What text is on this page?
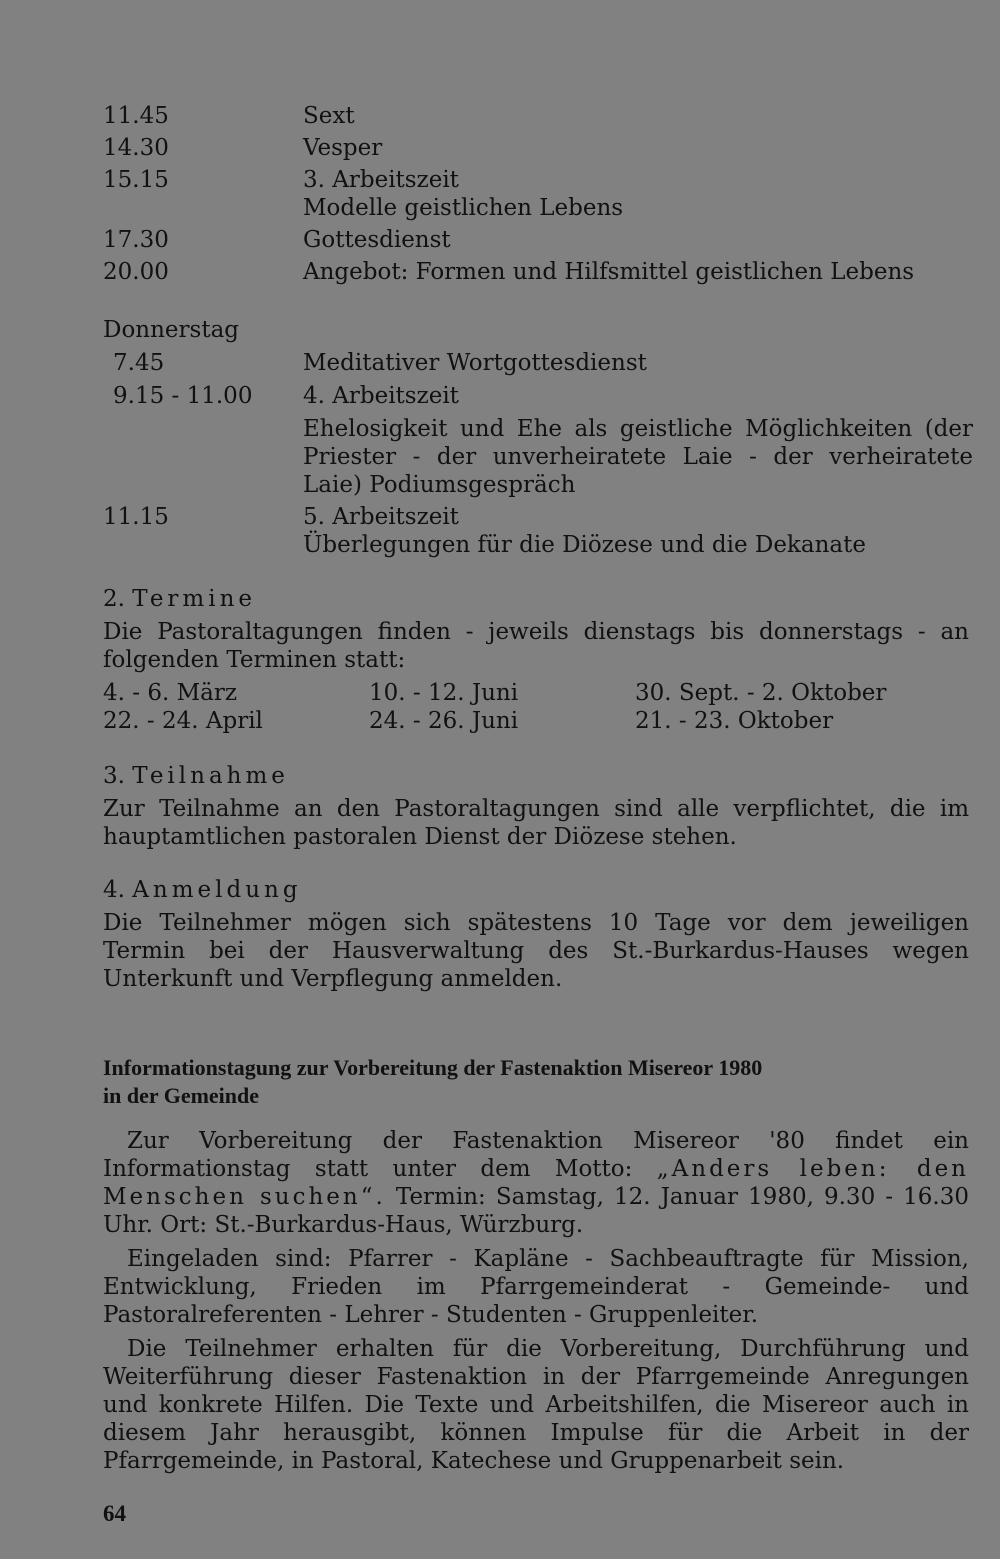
11.45	Sext
14.30	Vesper
15.15	3. Arbeitszeit
Modelle geistlichen Lebens
17.30	Gottesdienst
20.00	Angebot: Formen und Hilfsmittel geistlichen Lebens
Donnerstag
7.45	Meditativer Wortgottesdienst
9.15 - 11.00	4. Arbeitszeit
Ehelosigkeit und Ehe als geistliche Möglichkeiten (der Priester - der unverheiratete Laie - der verheiratete Laie) Podiumsgespräch
11.15	5. Arbeitszeit
Überlegungen für die Diözese und die Dekanate
2. Termine
Die Pastoraltagungen finden - jeweils dienstags bis donnerstags - an folgenden Terminen statt:
4. - 6. März	10. - 12. Juni	30. Sept. - 2. Oktober
22. - 24. April	24. - 26. Juni	21. - 23. Oktober
3. Teilnahme
Zur Teilnahme an den Pastoraltagungen sind alle verpflichtet, die im hauptamtlichen pastoralen Dienst der Diözese stehen.
4. Anmeldung
Die Teilnehmer mögen sich spätestens 10 Tage vor dem jeweiligen Termin bei der Hausverwaltung des St.-Burkardus-Hauses wegen Unterkunft und Verpflegung anmelden.
Informationstagung zur Vorbereitung der Fastenaktion Misereor 1980
in der Gemeinde

Zur Vorbereitung der Fastenaktion Misereor '80 findet ein Informationstag statt unter dem Motto: „Anders leben: den Menschen suchen“. Termin: Samstag, 12. Januar 1980, 9.30 - 16.30 Uhr. Ort: St.-Burkardus-Haus, Würzburg.

Eingeladen sind: Pfarrer - Kapläne - Sachbeauftragte für Mission, Entwicklung, Frieden im Pfarrgemeinderat - Gemeinde- und Pastoralreferenten - Lehrer - Studenten - Gruppenleiter.

Die Teilnehmer erhalten für die Vorbereitung, Durchführung und Weiterführung dieser Fastenaktion in der Pfarrgemeinde Anregungen und konkrete Hilfen. Die Texte und Arbeitshilfen, die Misereor auch in diesem Jahr herausgibt, können Impulse für die Arbeit in der Pfarrgemeinde, in Pastoral, Katechese und Gruppenarbeit sein.

64
